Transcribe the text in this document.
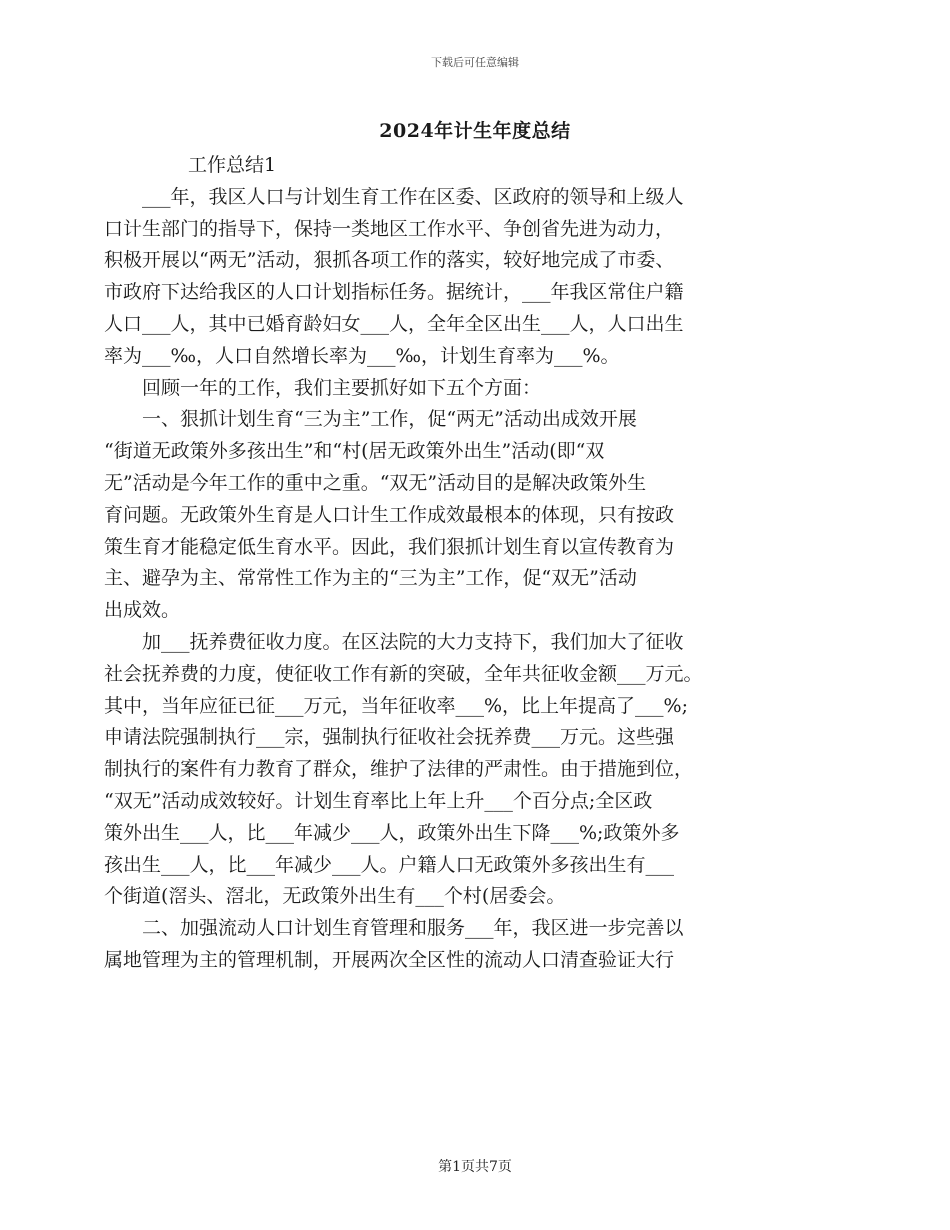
下载后可任意编辑
2024年计生年度总结

工作总结1

___年，我区人口与计划生育工作在区委、区政府的领导和上级人
口计生部门的指导下，保持一类地区工作水平、争创省先进为动力，
积极开展以“两无”活动，狠抓各项工作的落实，较好地完成了市委、
市政府下达给我区的人口计划指标任务。据统计，___年我区常住户籍
人口___人，其中已婚育龄妇女___人，全年全区出生___人，人口出生
率为___‰，人口自然增长率为___‰，计划生育率为___%。

回顾一年的工作，我们主要抓好如下五个方面：

一、狠抓计划生育“三为主”工作，促“两无”活动出成效开展
“街道无政策外多孩出生”和“村(居无政策外出生”活动(即“双
无”活动是今年工作的重中之重。“双无”活动目的是解决政策外生
育问题。无政策外生育是人口计生工作成效最根本的体现，只有按政
策生育才能稳定低生育水平。因此，我们狠抓计划生育以宣传教育为
主、避孕为主、常常性工作为主的“三为主”工作，促“双无”活动
出成效。

加___抚养费征收力度。在区法院的大力支持下，我们加大了征收
社会抚养费的力度，使征收工作有新的突破，全年共征收金额___万元。
其中，当年应征已征___万元，当年征收率___%，比上年提高了___%;
申请法院强制执行___宗，强制执行征收社会抚养费___万元。这些强
制执行的案件有力教育了群众，维护了法律的严肃性。由于措施到位，
“双无”活动成效较好。计划生育率比上年上升___个百分点;全区政
策外出生___人，比___年减少___人，政策外出生下降___%;政策外多
孩出生___人，比___年减少___人。户籍人口无政策外多孩出生有___
个街道(滘头、滘北，无政策外出生有___个村(居委会。

二、加强流动人口计划生育管理和服务___年，我区进一步完善以
属地管理为主的管理机制，开展两次全区性的流动人口清查验证大行

第1页共7页
